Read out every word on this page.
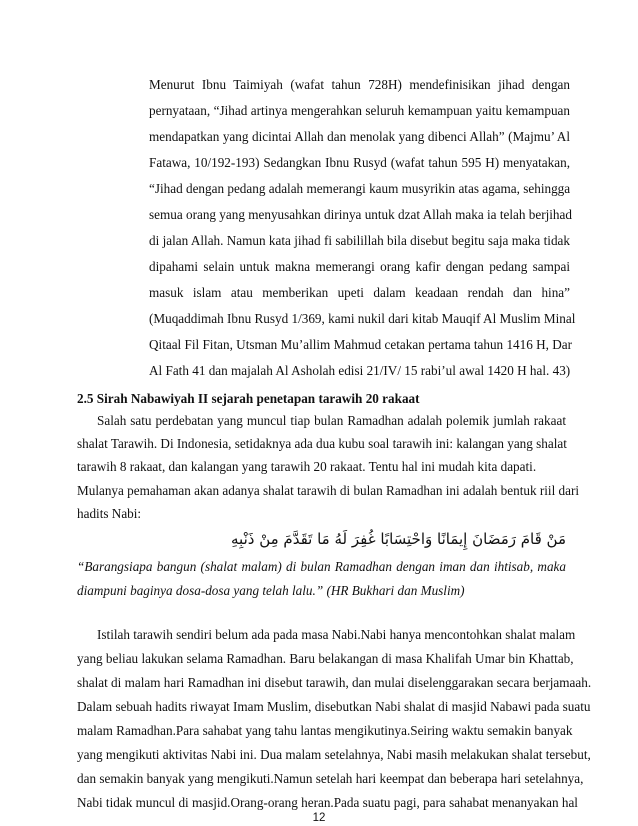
Menurut Ibnu Taimiyah (wafat tahun 728H) mendefinisikan jihad dengan
pernyataan, “Jihad artinya mengerahkan seluruh kemampuan yaitu kemampuan
mendapatkan yang dicintai Allah dan menolak yang dibenci Allah” (Majmu’ Al
Fatawa, 10/192-193) Sedangkan Ibnu Rusyd (wafat tahun 595 H) menyatakan,
“Jihad dengan pedang adalah memerangi kaum musyrikin atas agama, sehingga
semua orang yang menyusahkan dirinya untuk dzat Allah maka ia telah berjihad
di jalan Allah. Namun kata jihad fi sabilillah bila disebut begitu saja maka tidak
dipahami selain untuk makna memerangi orang kafir dengan pedang sampai
masuk islam atau memberikan upeti dalam keadaan rendah dan hina”
(Muqaddimah Ibnu Rusyd 1/369, kami nukil dari kitab Mauqif Al Muslim Minal
Qitaal Fil Fitan, Utsman Mu’allim Mahmud cetakan pertama tahun 1416 H, Dar
Al Fath 41 dan majalah Al Asholah edisi 21/IV/ 15 rabi’ul awal 1420 H hal. 43)
2.5 Sirah Nabawiyah II sejarah penetapan tarawih 20 rakaat
Salah satu perdebatan yang muncul tiap bulan Ramadhan adalah polemik jumlah rakaat
shalat Tarawih. Di Indonesia, setidaknya ada dua kubu soal tarawih ini: kalangan yang shalat
tarawih 8 rakaat, dan kalangan yang tarawih 20 rakaat. Tentu hal ini mudah kita dapati.
Mulanya pemahaman akan adanya shalat tarawih di bulan Ramadhan ini adalah bentuk riil dari
hadits Nabi:
مَنْ قَامَ رَمَضَانَ إِيمَانًا وَاحْتِسَابًا غُفِرَ لَهُ مَا تَقَدَّمَ مِنْ ذَنْبِهِ
“Barangsiapa bangun (shalat malam) di bulan Ramadhan dengan iman dan ihtisab, maka
diampuni baginya dosa-dosa yang telah lalu.” (HR Bukhari dan Muslim)
Istilah tarawih sendiri belum ada pada masa Nabi.Nabi hanya mencontohkan shalat malam
yang beliau lakukan selama Ramadhan. Baru belakangan di masa Khalifah Umar bin Khattab,
shalat di malam hari Ramadhan ini disebut tarawih, dan mulai diselenggarakan secara berjamaah.
Dalam sebuah hadits riwayat Imam Muslim, disebutkan Nabi shalat di masjid Nabawi pada suatu
malam Ramadhan.Para sahabat yang tahu lantas mengikutinya.Seiring waktu semakin banyak
yang mengikuti aktivitas Nabi ini. Dua malam setelahnya, Nabi masih melakukan shalat tersebut,
dan semakin banyak yang mengikuti.Namun setelah hari keempat dan beberapa hari setelahnya,
Nabi tidak muncul di masjid.Orang-orang heran.Pada suatu pagi, para sahabat menanyakan hal
12
